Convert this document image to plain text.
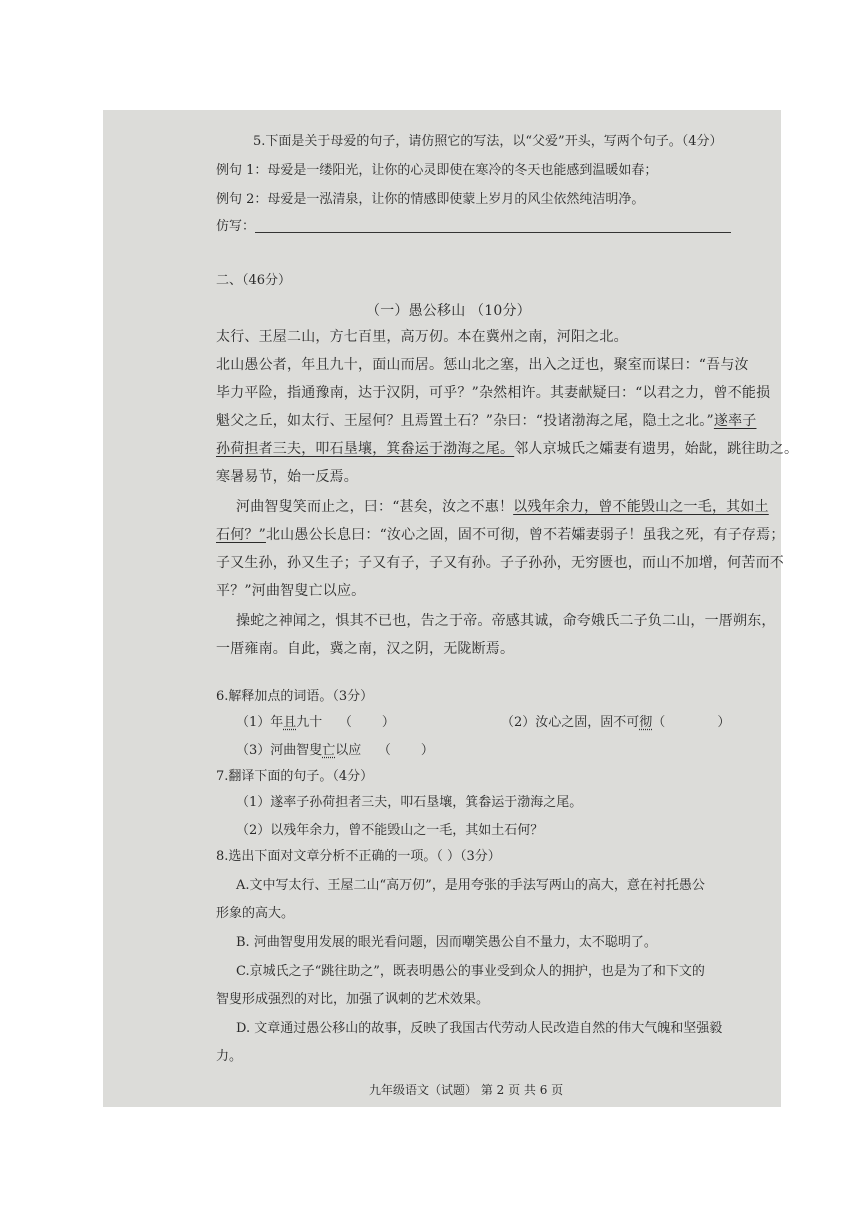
5.下面是关于母爱的句子，请仿照它的写法，以“父爱”开头，写两个句子。（4分）

例句 1：母爱是一缕阳光，让你的心灵即使在寒冷的冬天也能感到温暖如春；

例句 2：母爱是一泓清泉，让你的情感即使蒙上岁月的风尘依然纯洁明净。

仿写：

二、（46分）

（一）愚公移山 （10分）

太行、王屋二山，方七百里，高万仞。本在冀州之南，河阳之北。

北山愚公者，年且九十，面山而居。惩山北之塞，出入之迂也，聚室而谋曰：“吾与汝

毕力平险，指通豫南，达于汉阴，可乎？”杂然相许。其妻献疑曰：“以君之力，曾不能损

魁父之丘，如太行、王屋何？且焉置土石？”杂曰：“投诸渤海之尾，隐土之北。”遂率子

孙荷担者三夫，叩石垦壤，箕畚运于渤海之尾。邻人京城氏之孀妻有遗男，始龀，跳往助之。

寒暑易节，始一反焉。

河曲智叟笑而止之，曰：“甚矣，汝之不惠！以残年余力，曾不能毁山之一毛，其如土

石何？”北山愚公长息曰：“汝心之固，固不可彻，曾不若孀妻弱子！虽我之死，有子存焉；

子又生孙，孙又生子；子又有子，子又有孙。子子孙孙，无穷匮也，而山不加增，何苦而不

平？”河曲智叟亡以应。

操蛇之神闻之，惧其不已也，告之于帝。帝感其诚，命夸娥氏二子负二山，一厝朔东，

一厝雍南。自此，冀之南，汉之阴，无陇断焉。

6.解释加点的词语。（3分）

（1）年且九十 （ ）	（2）汝心之固，固不可彻（	）

（3）河曲智叟亡以应 （ ）

7.翻译下面的句子。（4分）

（1）遂率子孙荷担者三夫，叩石垦壤，箕畚运于渤海之尾。

（2）以残年余力，曾不能毁山之一毛，其如土石何？

8.选出下面对文章分析不正确的一项。（ ）（3分）

A.文中写太行、王屋二山“高万仞”，是用夸张的手法写两山的高大，意在衬托愚公

形象的高大。

B. 河曲智叟用发展的眼光看问题，因而嘲笑愚公自不量力，太不聪明了。

C.京城氏之子“跳往助之”，既表明愚公的事业受到众人的拥护，也是为了和下文的

智叟形成强烈的对比，加强了讽刺的艺术效果。

D. 文章通过愚公移山的故事，反映了我国古代劳动人民改造自然的伟大气魄和坚强毅

力。

九年级语文（试题） 第 2 页 共 6 页
